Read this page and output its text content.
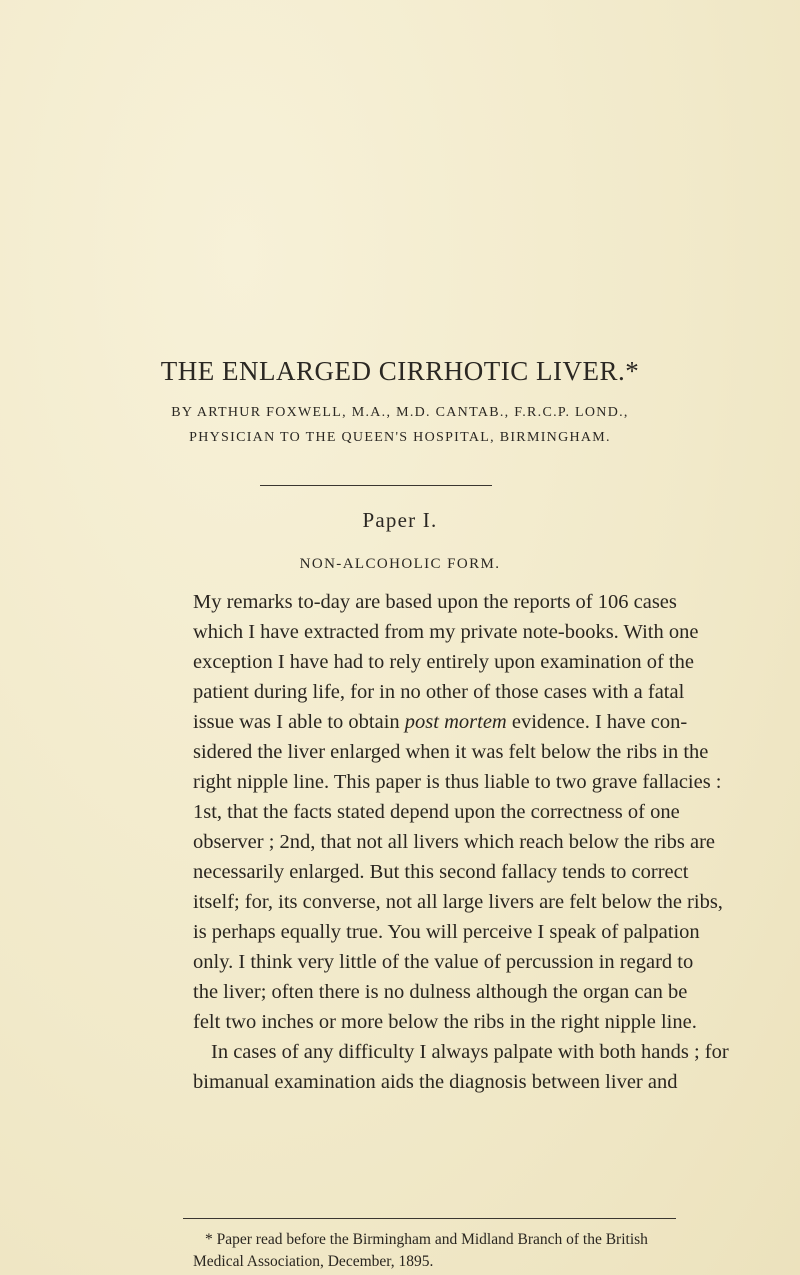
THE ENLARGED CIRRHOTIC LIVER.*
BY ARTHUR FOXWELL, M.A., M.D. CANTAB., F.R.C.P. LOND.,
PHYSICIAN TO THE QUEEN'S HOSPITAL, BIRMINGHAM.
Paper I.
NON-ALCOHOLIC FORM.
My remarks to-day are based upon the reports of 106 cases
which I have extracted from my private note-books. With one
exception I have had to rely entirely upon examination of the
patient during life, for in no other of those cases with a fatal
issue was I able to obtain post mortem evidence. I have con-
sidered the liver enlarged when it was felt below the ribs in the
right nipple line. This paper is thus liable to two grave fallacies :
1st, that the facts stated depend upon the correctness of one
observer ; 2nd, that not all livers which reach below the ribs are
necessarily enlarged. But this second fallacy tends to correct
itself; for, its converse, not all large livers are felt below the ribs,
is perhaps equally true. You will perceive I speak of palpation
only. I think very little of the value of percussion in regard to
the liver; often there is no dulness although the organ can be
felt two inches or more below the ribs in the right nipple line.
In cases of any difficulty I always palpate with both hands ; for
bimanual examination aids the diagnosis between liver and
* Paper read before the Birmingham and Midland Branch of the British
Medical Association, December, 1895.
